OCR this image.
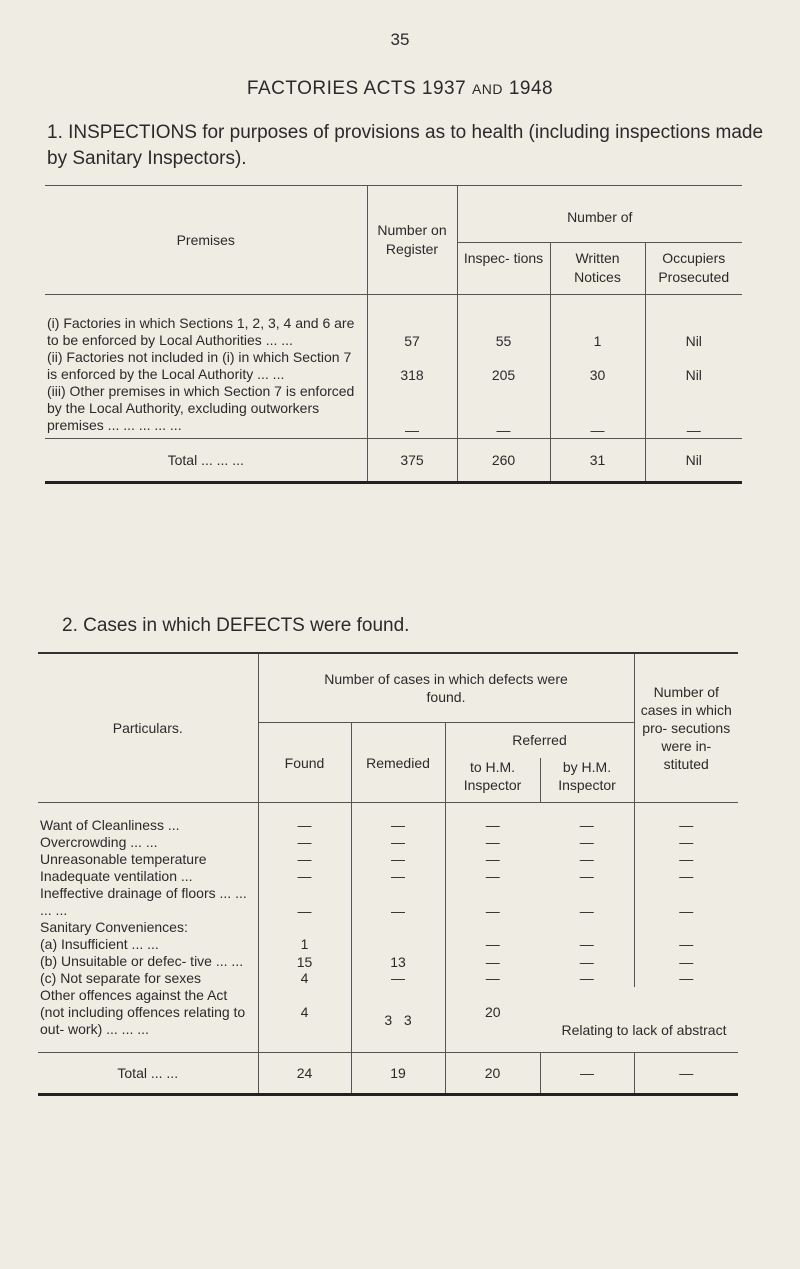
35
FACTORIES ACTS 1937 AND 1948
1. INSPECTIONS for purposes of provisions as to health (including inspections made by Sanitary Inspectors).

Premises	Number on Register	Number of		
		Inspec- tions	Written Notices	Occupiers Prosecuted
(i) Factories in which Sections 1, 2, 3, 4 and 6 are to be enforced by Local Authorities ... ...	57	55	1	Nil
(ii) Factories not included in (i) in which Section 7 is enforced by the Local Authority ... ...	318	205	30	Nil
(iii) Other premises in which Section 7 is enforced by the Local Authority, excluding outworkers premises ... ... ... ... ...	—	—	—	—
Total ... ... ...	375	260	31	Nil
2. Cases in which DEFECTS were found.

Particulars.	Number of cases in which defects were found.				Number of cases in which pro- secutions were in- stituted
	Found	Remedied	Referred		
			to H.M. Inspector	by H.M. Inspector	
Want of Cleanliness ...	—	—	—	—	—
Overcrowding ... ...	—	—	—	—	—
Unreasonable temperature	—	—	—	—	—
Inadequate ventilation ...	—	—	—	—	—
Ineffective drainage of floors ... ... ... ...	—	—	—	—	—
Sanitary Conveniences:					
(a) Insufficient ... ...	1		—	—	—
(b) Unsuitable or defec- tive ... ...	15	13	—	—	—
(c) Not separate for sexes	4	—	—	—	—
Other offences against the Act (not including offences relating to out- work) ... ... ...	4	3   3	20	Relating to lack of abstract	
Total ... ...	24	19	20	—	—
